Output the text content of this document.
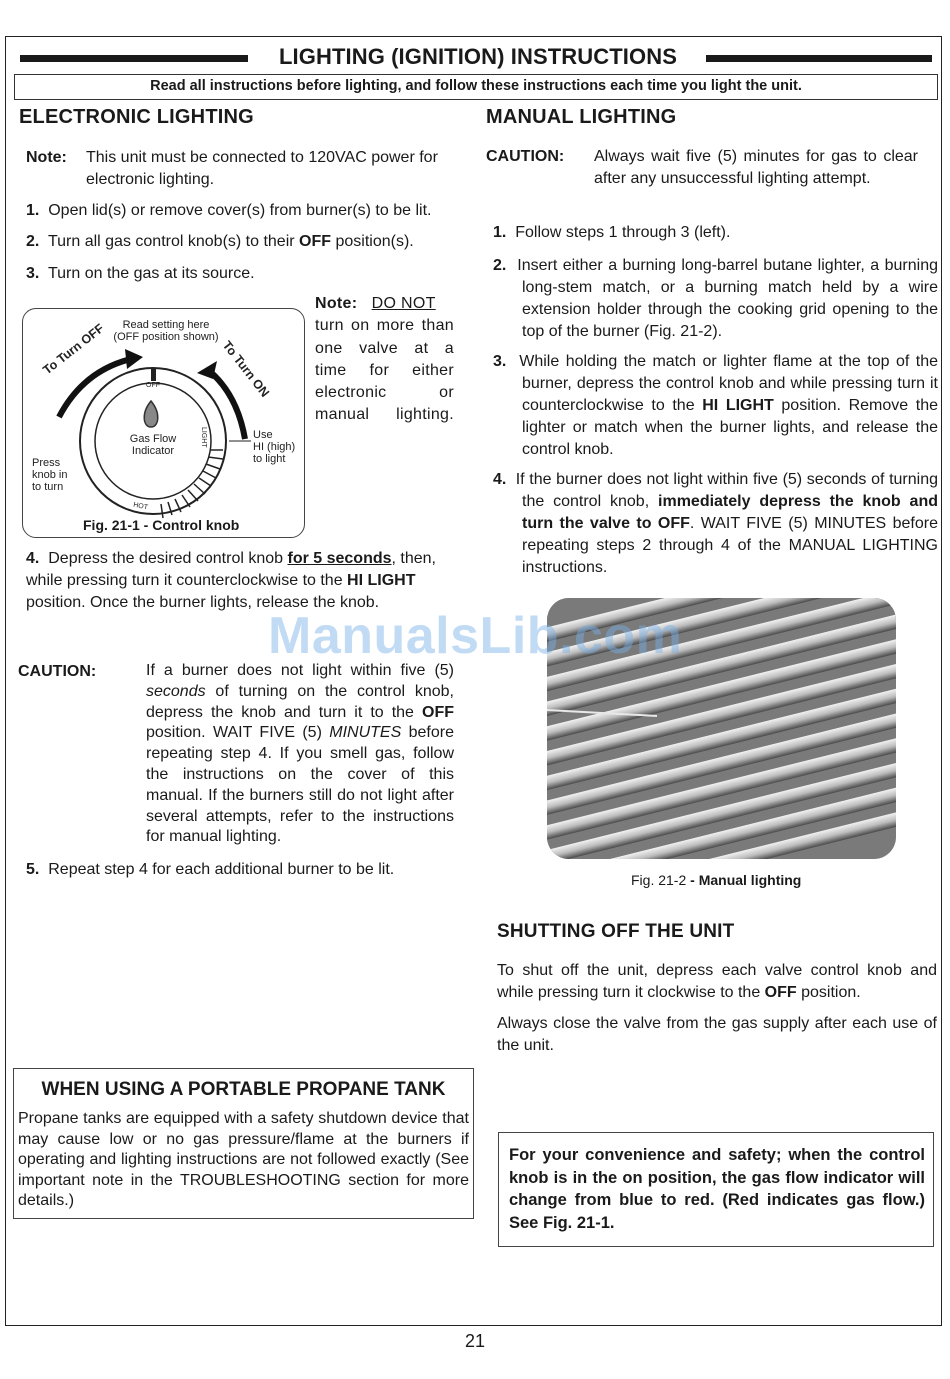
LIGHTING (IGNITION) INSTRUCTIONS
Read all instructions before lighting, and follow these instructions each time you light the unit.
ELECTRONIC LIGHTING
Note:	This unit must be connected to 120VAC power for electronic lighting.
1. Open lid(s) or remove cover(s) from burner(s) to be lit.
2. Turn all gas control knob(s) to their OFF position(s).
3. Turn on the gas at its source.
Note: DO NOT
turn on more than one valve at a time for either electronic or manual lighting.
Read setting here
(OFF position shown)
To Turn OFF	To Turn ON
OFF
Gas Flow
Indicator
LIGHT	Use
HI (high)
to light
Press
knob in
to turn
HOT
Fig. 21-1 - Control knob
4. Depress the desired control knob for 5 seconds, then, while pressing turn it counterclockwise to the HI LIGHT position. Once the burner lights, release the knob.
CAUTION:	If a burner does not light within five (5) seconds of turning on the control knob, depress the knob and turn it to the OFF position. WAIT FIVE (5) MINUTES before repeating step 4. If you smell gas, follow the instructions on the cover of this manual. If the burners still do not light after several attempts, refer to the instructions for manual lighting.
5. Repeat step 4 for each additional burner to be lit.
WHEN USING A PORTABLE PROPANE TANK
Propane tanks are equipped with a safety shutdown device that may cause low or no gas pressure/flame at the burners if operating and lighting instructions are not followed exactly (See important note in the TROUBLESHOOTING section for more details.)
MANUAL LIGHTING
CAUTION:	Always wait five (5) minutes for gas to clear after any unsuccessful lighting attempt.
1. Follow steps 1 through 3 (left).
2. Insert either a burning long-barrel butane lighter, a burning long-stem match, or a burning match held by a wire extension holder through the cooking grid opening to the top of the burner (Fig. 21-2).
3. While holding the match or lighter flame at the top of the burner, depress the control knob and while pressing turn it counterclockwise to the HI LIGHT position. Remove the lighter or match when the burner lights, and release the control knob.
4. If the burner does not light within five (5) seconds of turning the control knob, immediately depress the knob and turn the valve to OFF. WAIT FIVE (5) MINUTES before repeating steps 2 through 4 of the MANUAL LIGHTING instructions.
ManualsLib.com
Fig. 21-2 - Manual lighting
SHUTTING OFF THE UNIT
To shut off the unit, depress each valve control knob and while pressing turn it clockwise to the OFF position.
Always close the valve from the gas supply after each use of the unit.
For your convenience and safety; when the control knob is in the on position, the gas flow indicator will change from blue to red. (Red indicates gas flow.) See Fig. 21-1.
21
